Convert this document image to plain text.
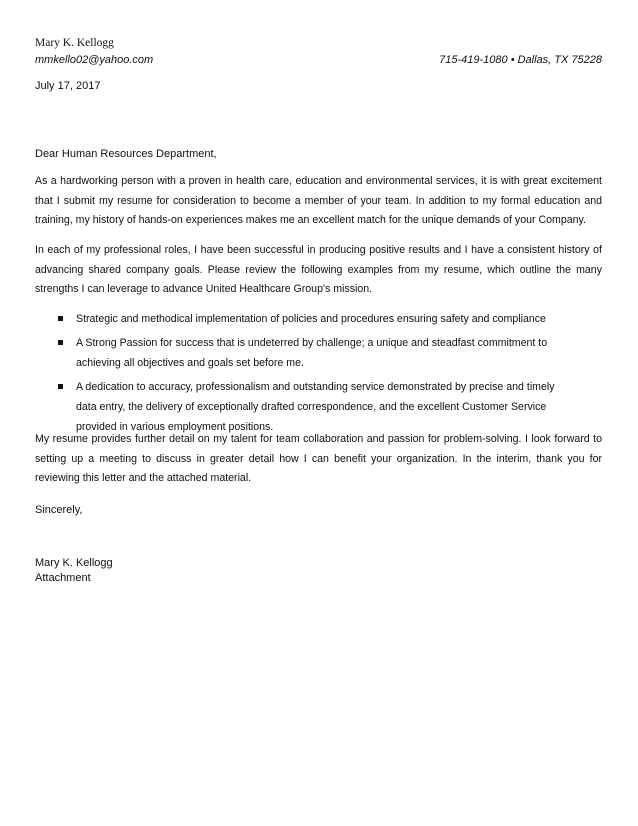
Mary K. Kellogg
mmkello02@yahoo.com	715-419-1080 • Dallas, TX 75228
July 17, 2017
Dear Human Resources Department,

As a hardworking person with a proven in health care, education and environmental services, it is with great excitement that I submit my resume for consideration to become a member of your team. In addition to my formal education and training, my history of hands-on experiences makes me an excellent match for the unique demands of your Company.

In each of my professional roles, I have been successful in producing positive results and I have a consistent history of advancing shared company goals. Please review the following examples from my resume, which outline the many strengths I can leverage to advance United Healthcare Group's mission.

Strategic and methodical implementation of policies and procedures ensuring safety and compliance
A Strong Passion for success that is undeterred by challenge; a unique and steadfast commitment to achieving all objectives and goals set before me.
A dedication to accuracy, professionalism and outstanding service demonstrated by precise and timely data entry, the delivery of exceptionally drafted correspondence, and the excellent Customer Service provided in various employment positions.

My resume provides further detail on my talent for team collaboration and passion for problem-solving. I look forward to setting up a meeting to discuss in greater detail how I can benefit your organization. In the interim, thank you for reviewing this letter and the attached material.

Sincerely,
Mary K. Kellogg
Attachment
